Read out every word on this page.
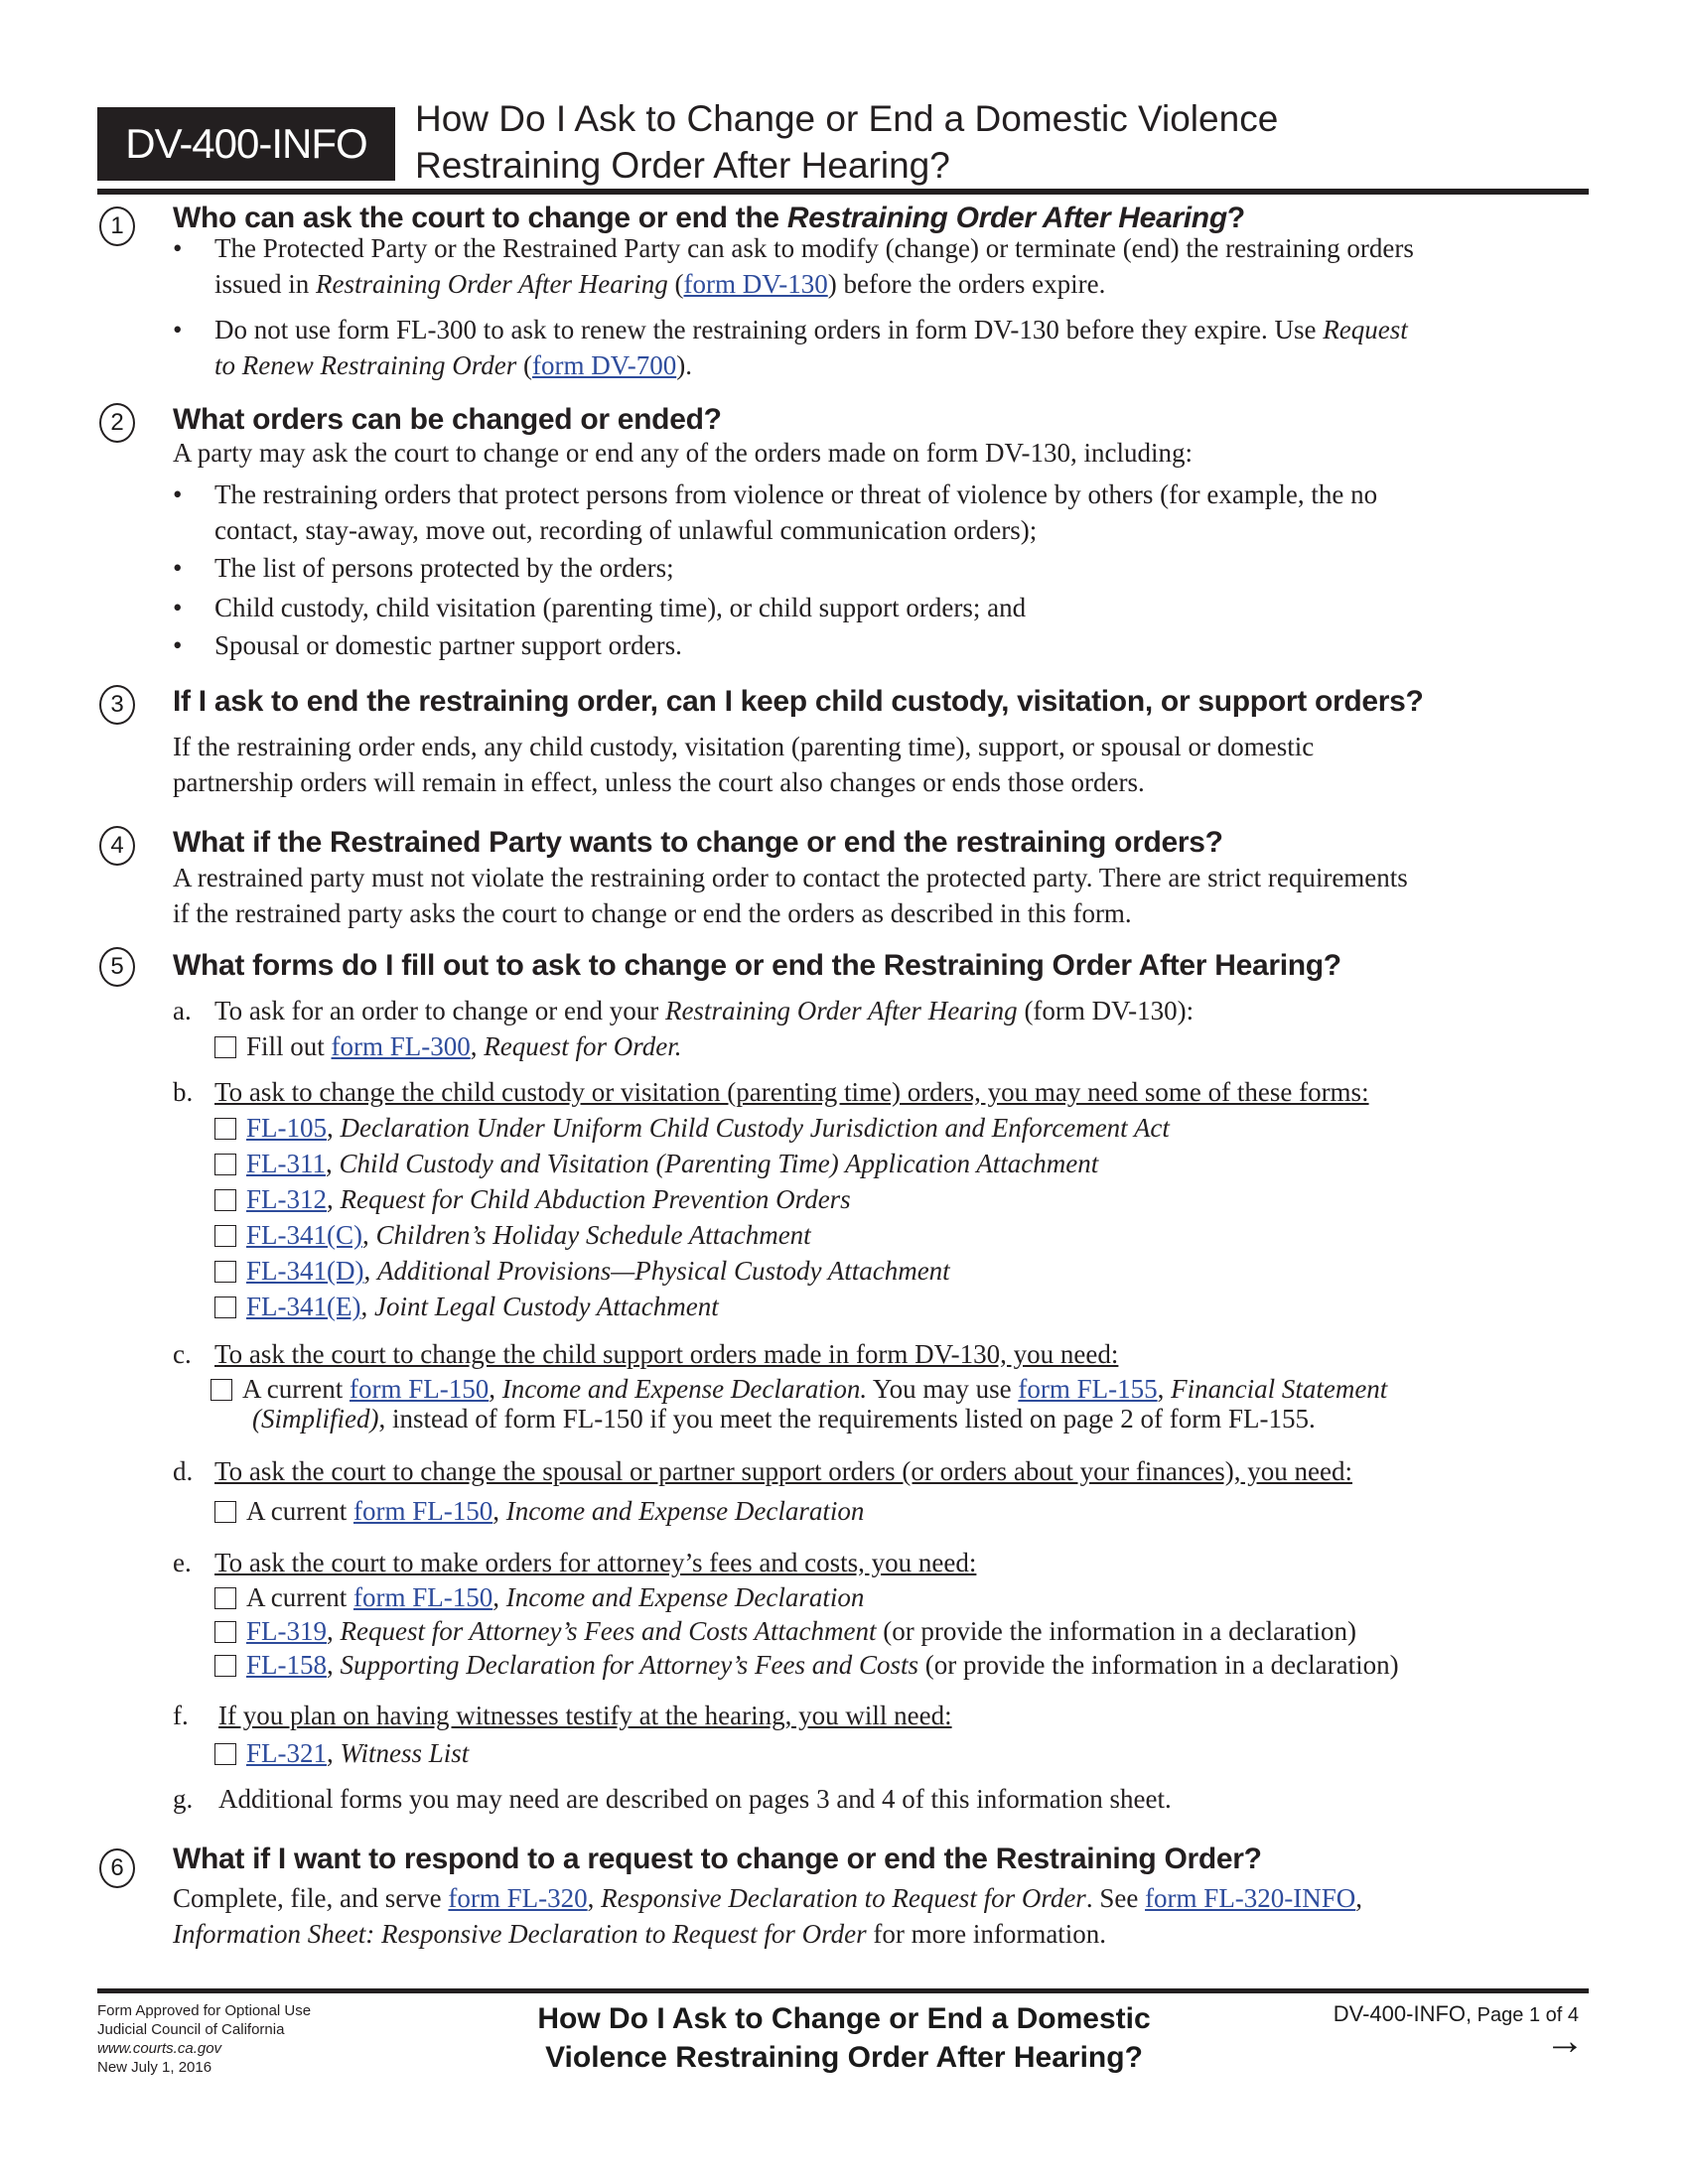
DV-400-INFO
How Do I Ask to Change or End a Domestic Violence
Restraining Order After Hearing?
1 Who can ask the court to change or end the Restraining Order After Hearing?
•	The Protected Party or the Restrained Party can ask to modify (change) or terminate (end) the restraining orders
issued in Restraining Order After Hearing (form DV-130) before the orders expire.
•	Do not use form FL-300 to ask to renew the restraining orders in form DV-130 before they expire. Use Request
to Renew Restraining Order (form DV-700).
2 What orders can be changed or ended?
A party may ask the court to change or end any of the orders made on form DV-130, including:
•	The restraining orders that protect persons from violence or threat of violence by others (for example, the no
contact, stay-away, move out, recording of unlawful communication orders);
•	The list of persons protected by the orders;
•	Child custody, child visitation (parenting time), or child support orders; and
•	Spousal or domestic partner support orders.
3 If I ask to end the restraining order, can I keep child custody, visitation, or support orders?
If the restraining order ends, any child custody, visitation (parenting time), support, or spousal or domestic
partnership orders will remain in effect, unless the court also changes or ends those orders.
4 What if the Restrained Party wants to change or end the restraining orders?
A restrained party must not violate the restraining order to contact the protected party. There are strict requirements
if the restrained party asks the court to change or end the orders as described in this form.
5 What forms do I fill out to ask to change or end the Restraining Order After Hearing?
a. To ask for an order to change or end your Restraining Order After Hearing (form DV-130):
Fill out form FL-300, Request for Order.
b. To ask to change the child custody or visitation (parenting time) orders, you may need some of these forms:
FL-105, Declaration Under Uniform Child Custody Jurisdiction and Enforcement Act
FL-311, Child Custody and Visitation (Parenting Time) Application Attachment
FL-312, Request for Child Abduction Prevention Orders
FL-341(C), Children’s Holiday Schedule Attachment
FL-341(D), Additional Provisions—Physical Custody Attachment
FL-341(E), Joint Legal Custody Attachment
c. To ask the court to change the child support orders made in form DV-130, you need:
A current form FL-150, Income and Expense Declaration. You may use form FL-155, Financial Statement
(Simplified), instead of form FL-150 if you meet the requirements listed on page 2 of form FL-155.
d. To ask the court to change the spousal or partner support orders (or orders about your finances), you need:
A current form FL-150, Income and Expense Declaration
e. To ask the court to make orders for attorney’s fees and costs, you need:
A current form FL-150, Income and Expense Declaration
FL-319, Request for Attorney’s Fees and Costs Attachment (or provide the information in a declaration)
FL-158, Supporting Declaration for Attorney’s Fees and Costs (or provide the information in a declaration)
f. If you plan on having witnesses testify at the hearing, you will need:
FL-321, Witness List
g. Additional forms you may need are described on pages 3 and 4 of this information sheet.
6 What if I want to respond to a request to change or end the Restraining Order?
Complete, file, and serve form FL-320, Responsive Declaration to Request for Order. See form FL-320-INFO,
Information Sheet: Responsive Declaration to Request for Order for more information.
Form Approved for Optional Use
Judicial Council of California
www.courts.ca.gov
New July 1, 2016
How Do I Ask to Change or End a Domestic
Violence Restraining Order After Hearing?
DV-400-INFO, Page 1 of 4
→
